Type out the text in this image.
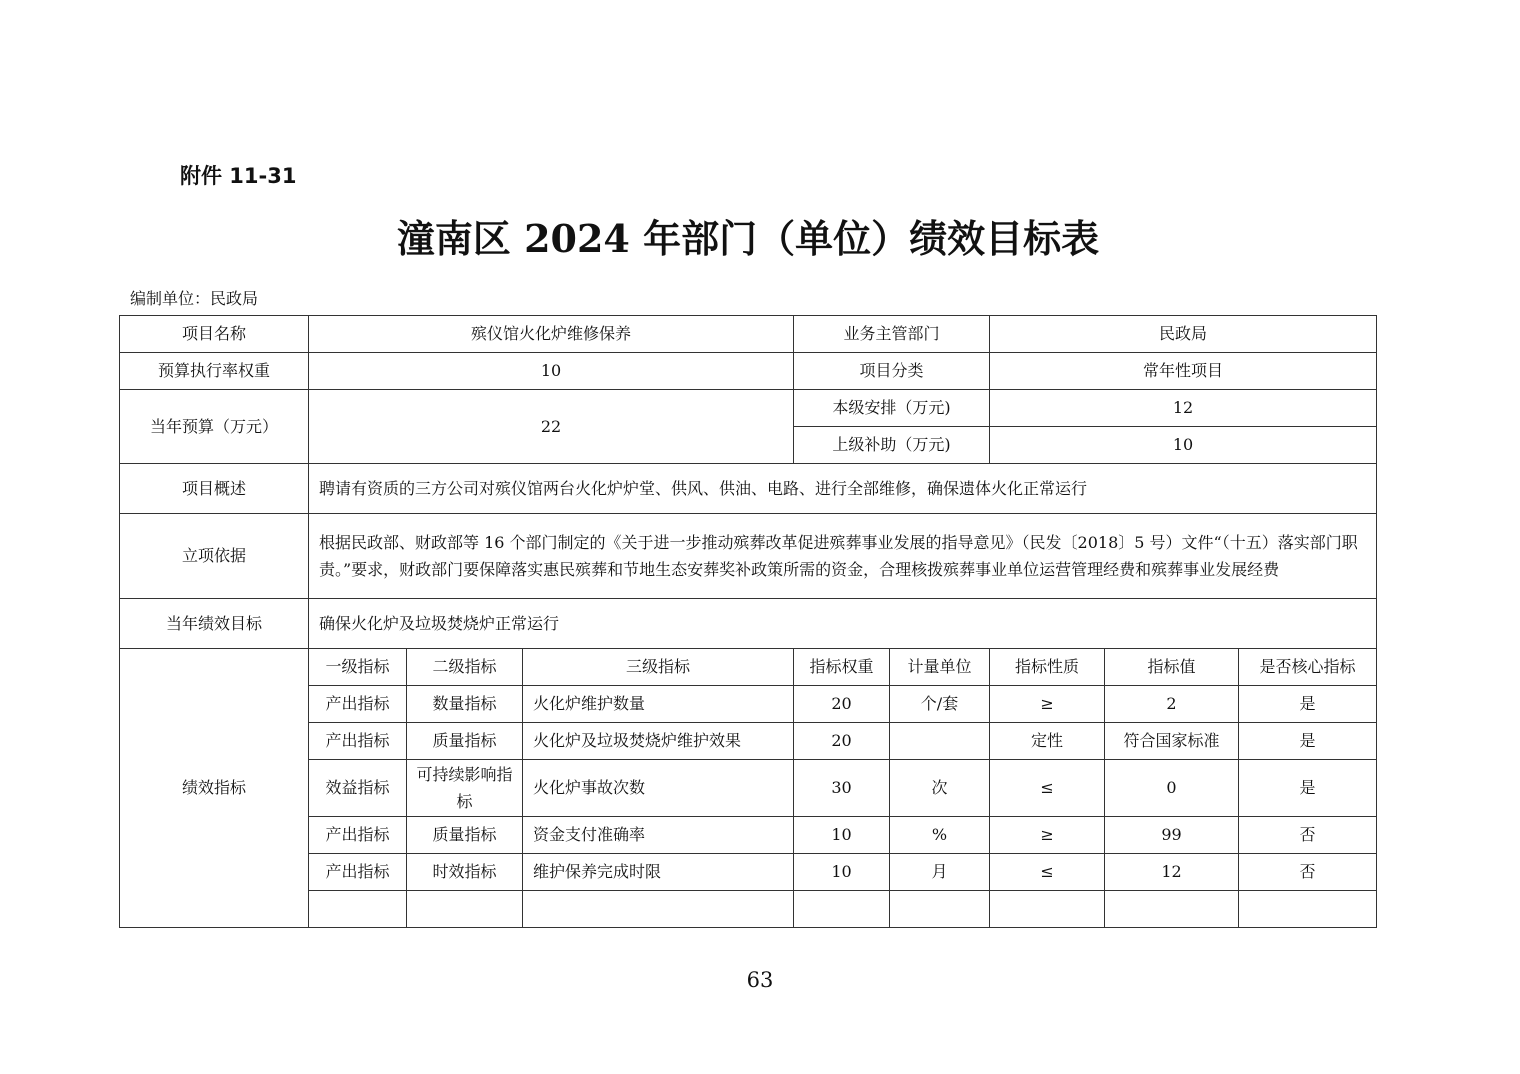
附件 11-31
潼南区 2024 年部门（单位）绩效目标表
编制单位：民政局
项目名称	殡仪馆火化炉维修保养			业务主管部门		民政局		
预算执行率权重	10			项目分类		常年性项目		
当年预算（万元）	22			本级安排（万元)		12		
				上级补助（万元)		10		
项目概述	聘请有资质的三方公司对殡仪馆两台火化炉炉堂、供风、供油、电路、进行全部维修，确保遗体火化正常运行							
立项依据	根据民政部、财政部等 16 个部门制定的《关于进一步推动殡葬改革促进殡葬事业发展的指导意见》（民发〔2018〕5 号）文件“（十五）落实部门职责。”要求，财政部门要保障落实惠民殡葬和节地生态安葬奖补政策所需的资金，合理核拨殡葬事业单位运营管理经费和殡葬事业发展经费							
当年绩效目标	确保火化炉及垃圾焚烧炉正常运行							
绩效指标	一级指标	二级指标	三级指标	指标权重	计量单位	指标性质	指标值	是否核心指标
	产出指标	数量指标	火化炉维护数量	20	个/套	≥	2	是
	产出指标	质量指标	火化炉及垃圾焚烧炉维护效果	20		定性	符合国家标准	是
	效益指标	可持续影响指标	火化炉事故次数	30	次	≤	0	是
	产出指标	质量指标	资金支付准确率	10	%	≥	99	否
	产出指标	时效指标	维护保养完成时限	10	月	≤	12	否

63
